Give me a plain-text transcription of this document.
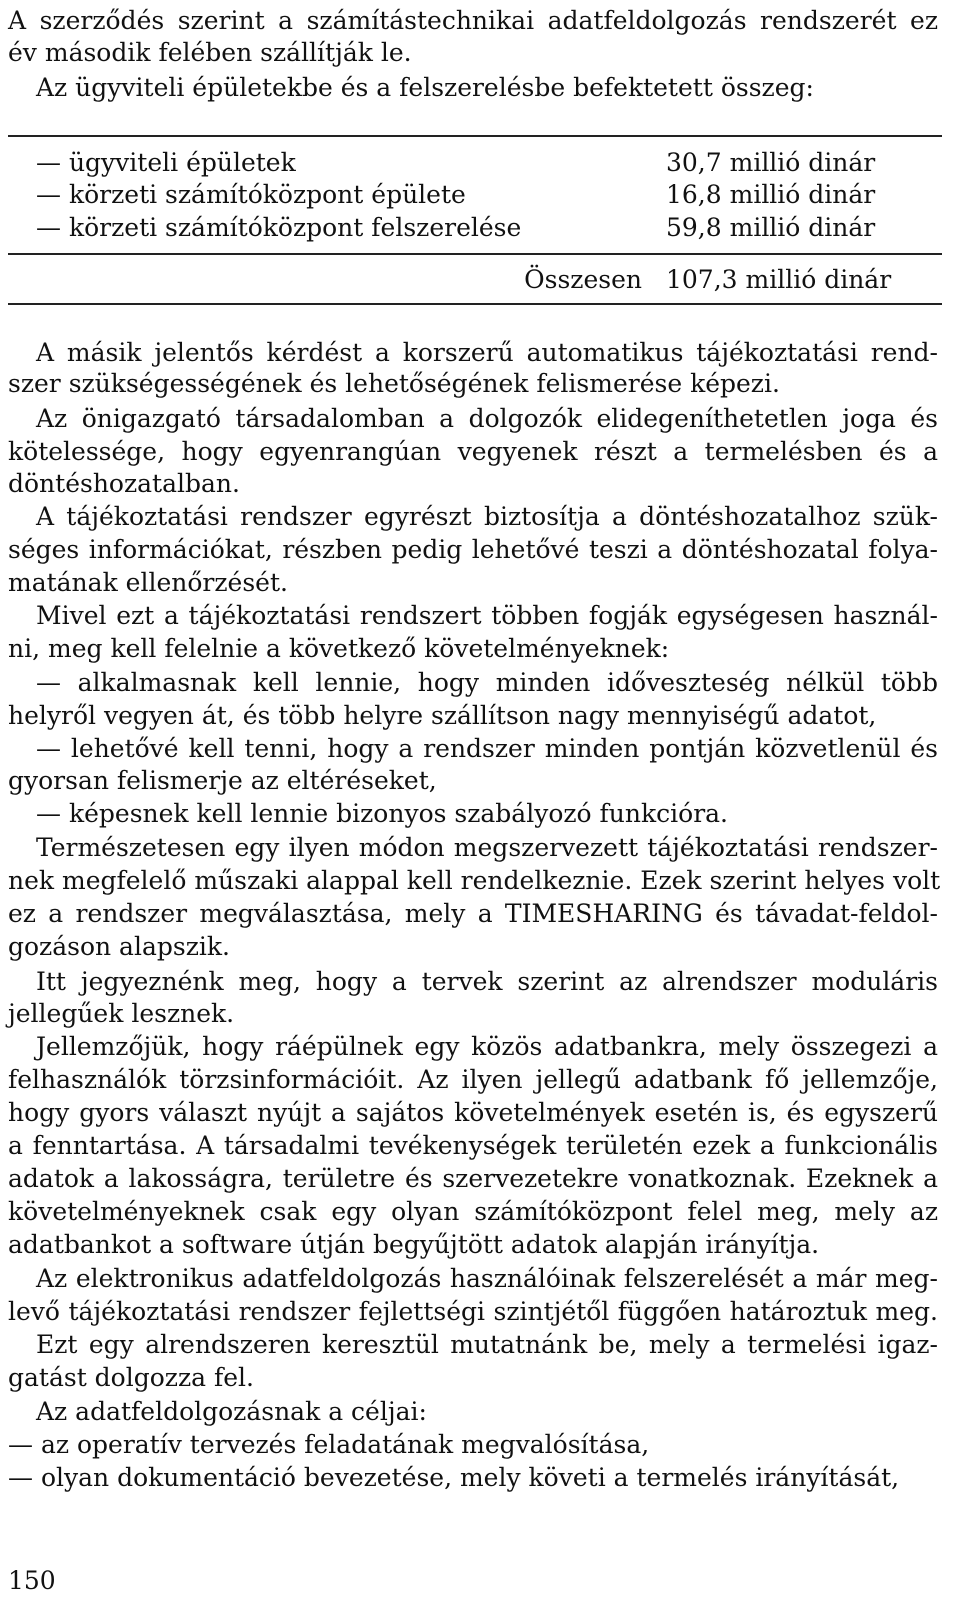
A szerződés szerint a számítástechnikai adatfeldolgozás rendszerét ez
év második felében szállítják le.
Az ügyviteli épületekbe és a felszerelésbe befektetett összeg:
— ügyviteli épületek	30,7 millió dinár
— körzeti számítóközpont épülete	16,8 millió dinár
— körzeti számítóközpont felszerelése	59,8 millió dinár
Összesen 107,3 millió dinár
A másik jelentős kérdést a korszerű automatikus tájékoztatási rend-
szer szükségességének és lehetőségének felismerése képezi.
Az önigazgató társadalomban a dolgozók elidegeníthetetlen joga és
kötelessége, hogy egyenrangúan vegyenek részt a termelésben és a
döntéshozatalban.
A tájékoztatási rendszer egyrészt biztosítja a döntéshozatalhoz szük-
séges információkat, részben pedig lehetővé teszi a döntéshozatal folya-
matának ellenőrzését.
Mivel ezt a tájékoztatási rendszert többen fogják egységesen használ-
ni, meg kell felelnie a következő követelményeknek:
— alkalmasnak kell lennie, hogy minden időveszteség nélkül több
helyről vegyen át, és több helyre szállítson nagy mennyiségű adatot,
— lehetővé kell tenni, hogy a rendszer minden pontján közvetlenül és
gyorsan felismerje az eltéréseket,
— képesnek kell lennie bizonyos szabályozó funkcióra.
Természetesen egy ilyen módon megszervezett tájékoztatási rendszer-
nek megfelelő műszaki alappal kell rendelkeznie. Ezek szerint helyes volt
ez a rendszer megválasztása, mely a TIMESHARING és távadat-feldol-
gozáson alapszik.
Itt jegyeznénk meg, hogy a tervek szerint az alrendszer moduláris
jellegűek lesznek.
Jellemzőjük, hogy ráépülnek egy közös adatbankra, mely összegezi a
felhasználók törzsinformációit. Az ilyen jellegű adatbank fő jellemzője,
hogy gyors választ nyújt a sajátos követelmények esetén is, és egyszerű
a fenntartása. A társadalmi tevékenységek területén ezek a funkcionális
adatok a lakosságra, területre és szervezetekre vonatkoznak. Ezeknek a
követelményeknek csak egy olyan számítóközpont felel meg, mely az
adatbankot a software útján begyűjtött adatok alapján irányítja.
Az elektronikus adatfeldolgozás használóinak felszerelését a már meg-
levő tájékoztatási rendszer fejlettségi szintjétől függően határoztuk meg.
Ezt egy alrendszeren keresztül mutatnánk be, mely a termelési igaz-
gatást dolgozza fel.
Az adatfeldolgozásnak a céljai:
— az operatív tervezés feladatának megvalósítása,
— olyan dokumentáció bevezetése, mely követi a termelés irányítását,
150
